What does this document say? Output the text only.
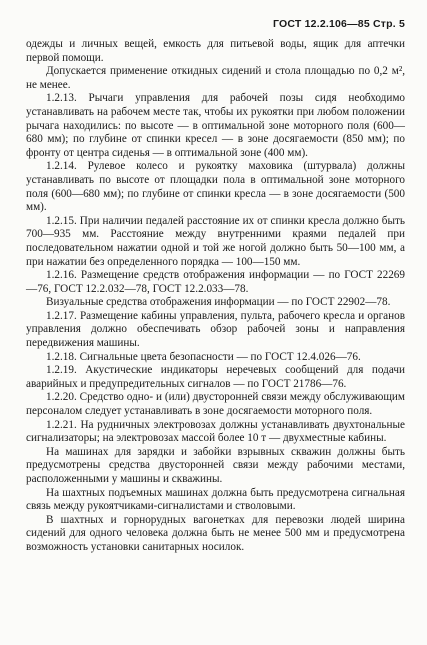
ГОСТ 12.2.106—85 Стр. 5

одежды и личных вещей, емкость для питьевой воды, ящик для аптечки первой помощи.

Допускается применение откидных сидений и стола площадью по 0,2 м², не менее.

1.2.13. Рычаги управления для рабочей позы сидя необходимо устанавливать на рабочем месте так, чтобы их рукоятки при любом положении рычага находились: по высоте — в оптимальной зоне моторного поля (600—680 мм); по глубине от спинки кресел — в зоне досягаемости (850 мм); по фронту от центра сиденья — в оптимальной зоне (400 мм).

1.2.14. Рулевое колесо и рукоятку маховика (штурвала) должны устанавливать по высоте от площадки пола в оптимальной зоне моторного поля (600—680 мм); по глубине от спинки кресла — в зоне досягаемости (500 мм).

1.2.15. При наличии педалей расстояние их от спинки кресла должно быть 700—935 мм. Расстояние между внутренними краями педалей при последовательном нажатии одной и той же ногой должно быть 50—100 мм, а при нажатии без определенного порядка — 100—150 мм.

1.2.16. Размещение средств отображения информации — по ГОСТ 22269—76, ГОСТ 12.2.032—78, ГОСТ 12.2.033—78.

Визуальные средства отображения информации — по ГОСТ 22902—78.

1.2.17. Размещение кабины управления, пульта, рабочего кресла и органов управления должно обеспечивать обзор рабочей зоны и направления передвижения машины.

1.2.18. Сигнальные цвета безопасности — по ГОСТ 12.4.026—76.

1.2.19. Акустические индикаторы неречевых сообщений для подачи аварийных и предупредительных сигналов — по ГОСТ 21786—76.

1.2.20. Средство одно- и (или) двусторонней связи между обслуживающим персоналом следует устанавливать в зоне досягаемости моторного поля.

1.2.21. На рудничных электровозах должны устанавливать двухтональные сигнализаторы; на электровозах массой более 10 т — двухместные кабины.

На машинах для зарядки и забойки взрывных скважин должны быть предусмотрены средства двусторонней связи между рабочими местами, расположенными у машины и скважины.

На шахтных подъемных машинах должна быть предусмотрена сигнальная связь между рукоятчиками-сигналистами и стволовыми.

В шахтных и горнорудных вагонетках для перевозки людей ширина сидений для одного человека должна быть не менее 500 мм и предусмотрена возможность установки санитарных носилок.
